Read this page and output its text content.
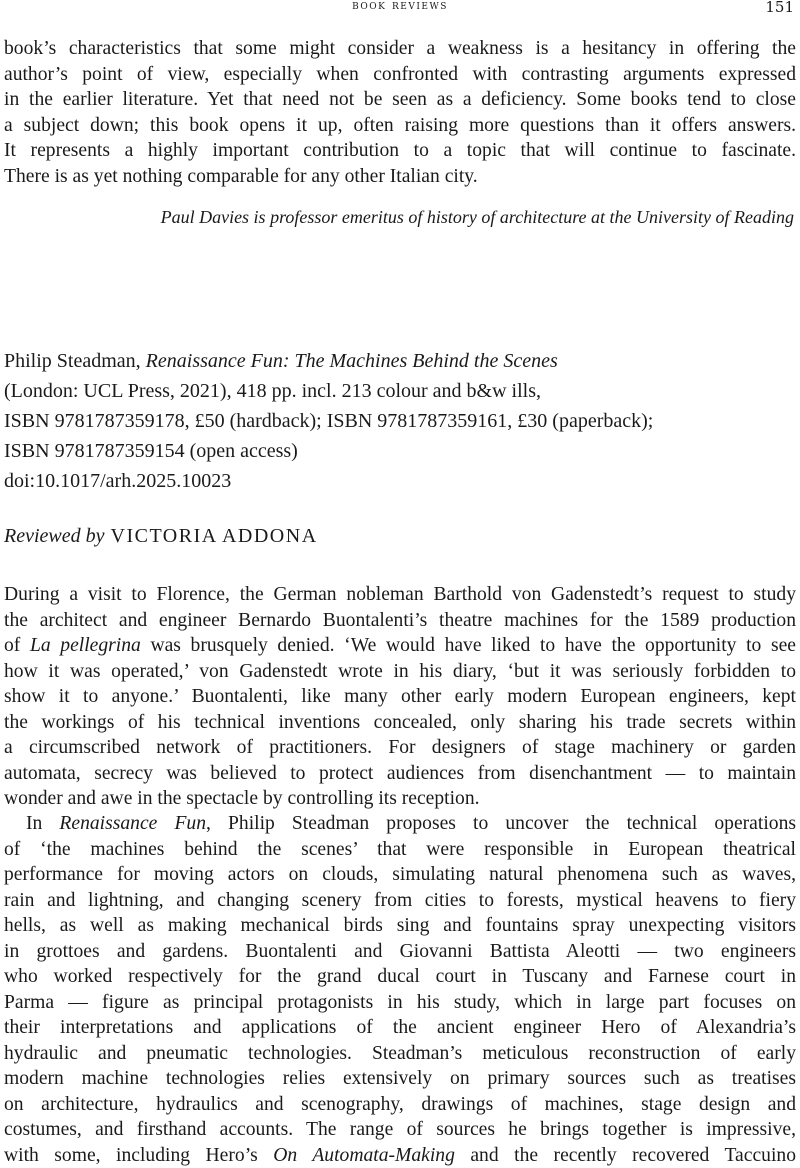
book reviews	151
book’s characteristics that some might consider a weakness is a hesitancy in offering the
author’s point of view, especially when confronted with contrasting arguments expressed
in the earlier literature. Yet that need not be seen as a deficiency. Some books tend to close
a subject down; this book opens it up, often raising more questions than it offers answers.
It represents a highly important contribution to a topic that will continue to fascinate.
There is as yet nothing comparable for any other Italian city.
Paul Davies is professor emeritus of history of architecture at the University of Reading
Philip Steadman, Renaissance Fun: The Machines Behind the Scenes
(London: UCL Press, 2021), 418 pp. incl. 213 colour and b&w ills,
ISBN 9781787359178, £50 (hardback); ISBN 9781787359161, £30 (paperback);
ISBN 9781787359154 (open access)
doi:10.1017/arh.2025.10023
Reviewed by VICTORIA ADDONA
During a visit to Florence, the German nobleman Barthold von Gadenstedt’s request to study
the architect and engineer Bernardo Buontalenti’s theatre machines for the 1589 production
of La pellegrina was brusquely denied. ‘We would have liked to have the opportunity to see
how it was operated,’ von Gadenstedt wrote in his diary, ‘but it was seriously forbidden to
show it to anyone.’ Buontalenti, like many other early modern European engineers, kept
the workings of his technical inventions concealed, only sharing his trade secrets within
a circumscribed network of practitioners. For designers of stage machinery or garden
automata, secrecy was believed to protect audiences from disenchantment — to maintain
wonder and awe in the spectacle by controlling its reception.
In Renaissance Fun, Philip Steadman proposes to uncover the technical operations
of ‘the machines behind the scenes’ that were responsible in European theatrical
performance for moving actors on clouds, simulating natural phenomena such as waves,
rain and lightning, and changing scenery from cities to forests, mystical heavens to fiery
hells, as well as making mechanical birds sing and fountains spray unexpecting visitors
in grottoes and gardens. Buontalenti and Giovanni Battista Aleotti — two engineers
who worked respectively for the grand ducal court in Tuscany and Farnese court in
Parma — figure as principal protagonists in his study, which in large part focuses on
their interpretations and applications of the ancient engineer Hero of Alexandria’s
hydraulic and pneumatic technologies. Steadman’s meticulous reconstruction of early
modern machine technologies relies extensively on primary sources such as treatises
on architecture, hydraulics and scenography, drawings of machines, stage design and
costumes, and firsthand accounts. The range of sources he brings together is impressive,
with some, including Hero’s On Automata-Making and the recently recovered Taccuino
